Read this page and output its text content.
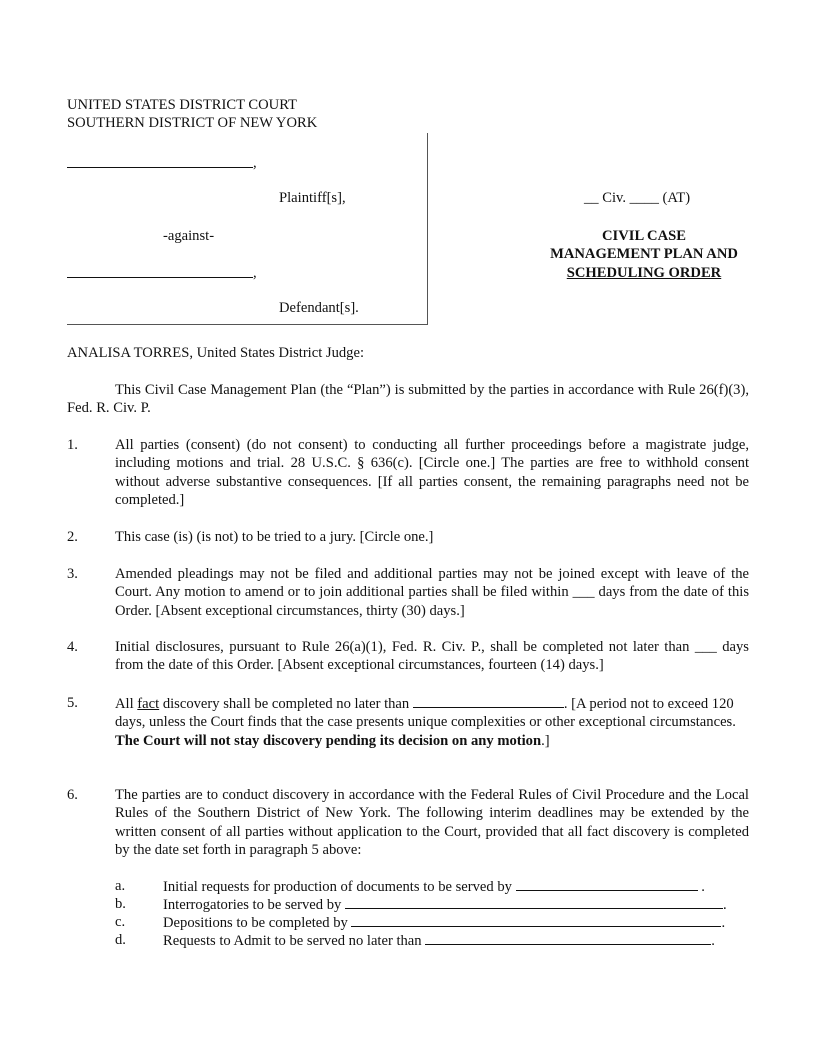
UNITED STATES DISTRICT COURT
SOUTHERN DISTRICT OF NEW YORK
,
Plaintiff[s],
-against-
,
Defendant[s].
__ Civ. ____ (AT)
CIVIL CASE
MANAGEMENT PLAN AND
SCHEDULING ORDER
ANALISA TORRES, United States District Judge:
This Civil Case Management Plan (the “Plan”) is submitted by the parties in accordance with Rule 26(f)(3), Fed. R. Civ. P.
1.	All parties (consent) (do not consent) to conducting all further proceedings before a magistrate judge, including motions and trial. 28 U.S.C. § 636(c). [Circle one.] The parties are free to withhold consent without adverse substantive consequences. [If all parties consent, the remaining paragraphs need not be completed.]
2.	This case (is) (is not) to be tried to a jury. [Circle one.]
3.	Amended pleadings may not be filed and additional parties may not be joined except with leave of the Court. Any motion to amend or to join additional parties shall be filed within ___ days from the date of this Order. [Absent exceptional circumstances, thirty (30) days.]
4.	Initial disclosures, pursuant to Rule 26(a)(1), Fed. R. Civ. P., shall be completed not later than ___ days from the date of this Order. [Absent exceptional circumstances, fourteen (14) days.]
5.	All fact discovery shall be completed no later than	. [A period not to exceed 120 days, unless the Court finds that the case presents unique complexities or other exceptional circumstances. The Court will not stay discovery pending its decision on any motion.]
6.	The parties are to conduct discovery in accordance with the Federal Rules of Civil Procedure and the Local Rules of the Southern District of New York. The following interim deadlines may be extended by the written consent of all parties without application to the Court, provided that all fact discovery is completed by the date set forth in paragraph 5 above:
a.	Initial requests for production of documents to be served by	.
b.	Interrogatories to be served by	.
c.	Depositions to be completed by	.
d.	Requests to Admit to be served no later than	.
